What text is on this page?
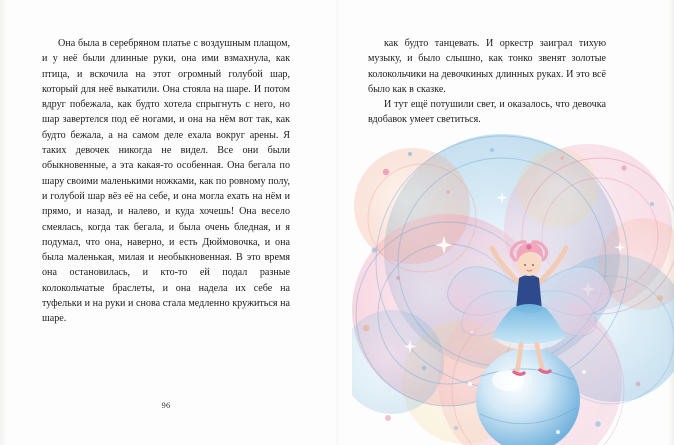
Она была в серебряном платье с воздушным плащом, и у неё были длинные руки, она ими взмахнула, как птица, и вскочила на этот огромный голубой шар, который для неё выкатили. Она стояла на шаре. И потом вдруг побежала, как будто хотела спрыгнуть с него, но шар завертелся под её ногами, и она на нём вот так, как будто бежала, а на самом деле ехала вокруг арены. Я таких девочек никогда не видел. Все они были обыкновенные, а эта какая-то особенная. Она бегала по шару своими маленькими ножками, как по ровному полу, и голубой шар вёз её на себе, и она могла ехать на нём и прямо, и назад, и налево, и куда хочешь! Она весело смеялась, когда так бегала, и была очень бледная, и я подумал, что она, наверно, и есть Дюймовочка, и она была маленькая, милая и необыкновенная. В это время она остановилась, и кто-то ей подал разные колокольчатые браслеты, и она надела их себе на туфельки и на руки и снова стала медленно кружиться на шаре.

96

как будто танцевать. И оркестр заиграл тихую музыку, и было слышно, как тонко звенят золотые колокольчики на девочкиных длинных руках. И это всё было как в сказке.

И тут ещё потушили свет, и оказалось, что девочка вдобавок умеет светиться.
